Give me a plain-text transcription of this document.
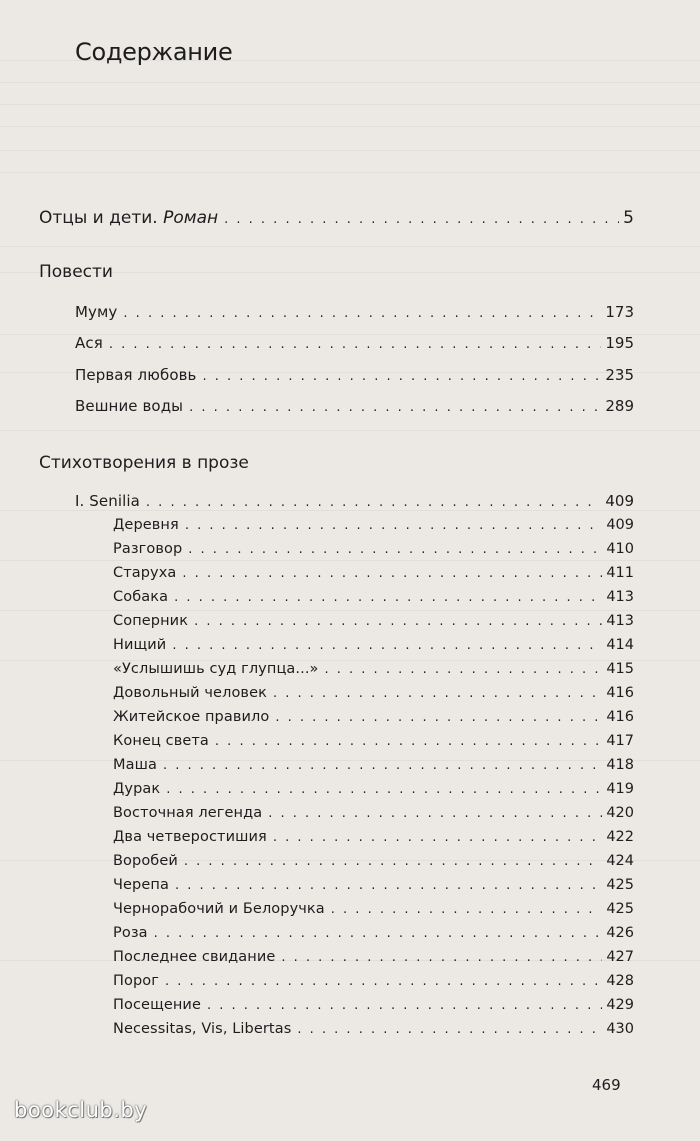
Содержание
Отцы и дети. Роман . . .	5
Повести
Муму . . .	173
Ася . . .	195
Первая любовь . . .	235
Вешние воды . . .	289
Стихотворения в прозе
I. Senilia . . .	409
Деревня . . .	409
Разговор . . .	410
Старуха . . .	411
Собака . . .	413
Соперник . . .	413
Нищий . . .	414
«Услышишь суд глупца...» . . .	415
Довольный человек . . .	416
Житейское правило . . .	416
Конец света . . .	417
Маша . . .	418
Дурак . . .	419
Восточная легенда . . .	420
Два четверостишия . . .	422
Воробей . . .	424
Черепа . . .	425
Чернорабочий и Белоручка . . .	425
Роза . . .	426
Последнее свидание . . .	427
Порог . . .	428
Посещение . . .	429
Necessitas, Vis, Libertas . . .	430
469
bookclub.by
